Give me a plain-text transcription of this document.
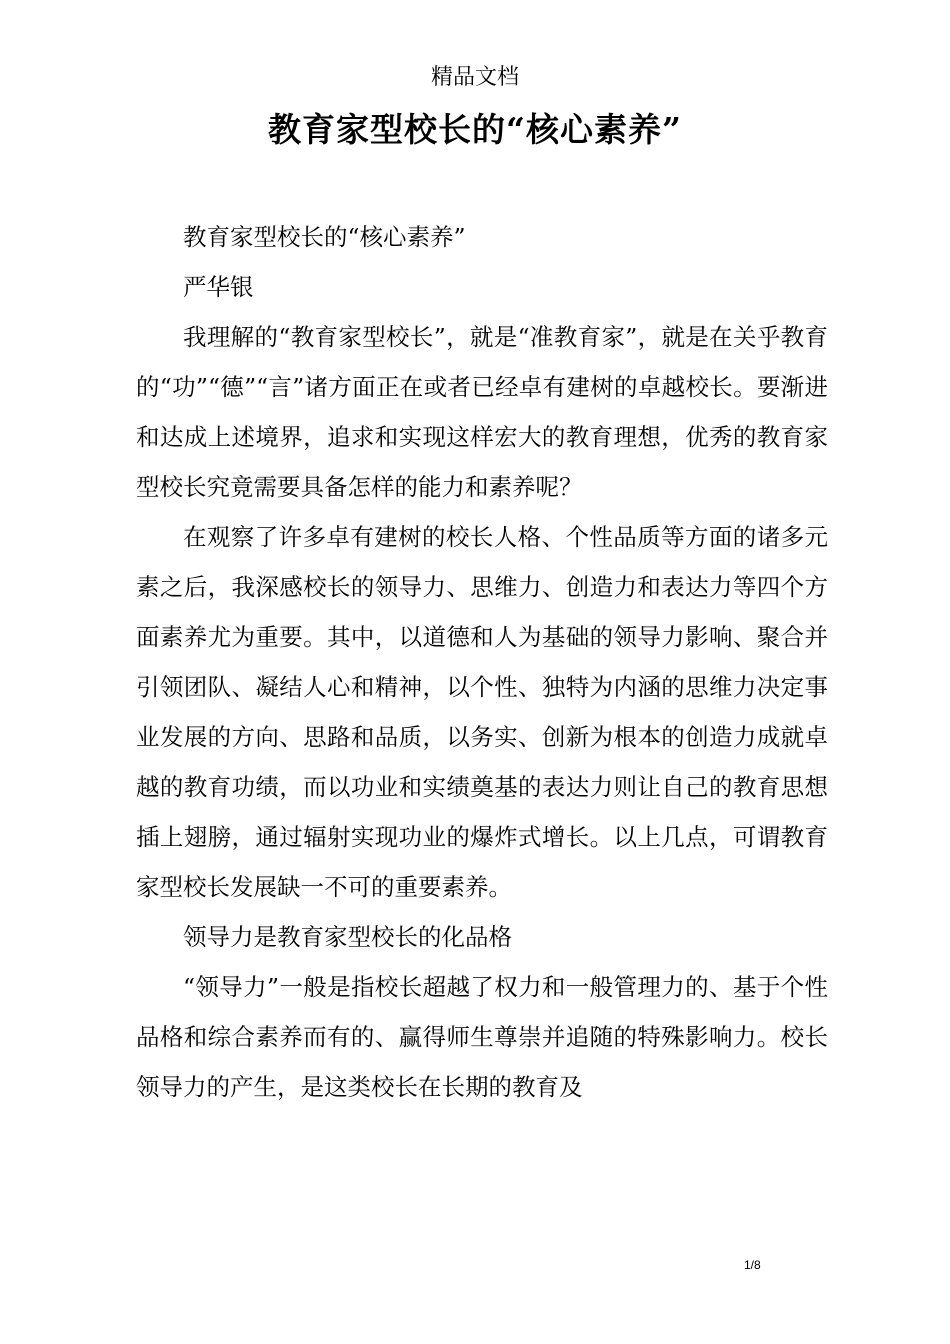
精品文档
教育家型校长的“核心素养”

教育家型校长的“核心素养”

严华银

我理解的“教育家型校长”，就是“准教育家”，就是在关乎教育的“功”“德”“言”诸方面正在或者已经卓有建树的卓越校长。要渐进和达成上述境界，追求和实现这样宏大的教育理想，优秀的教育家型校长究竟需要具备怎样的能力和素养呢？

在观察了许多卓有建树的校长人格、个性品质等方面的诸多元素之后，我深感校长的领导力、思维力、创造力和表达力等四个方面素养尤为重要。其中，以道德和人为基础的领导力影响、聚合并引领团队、凝结人心和精神，以个性、独特为内涵的思维力决定事业发展的方向、思路和品质，以务实、创新为根本的创造力成就卓越的教育功绩，而以功业和实绩奠基的表达力则让自己的教育思想插上翅膀，通过辐射实现功业的爆炸式增长。以上几点，可谓教育家型校长发展缺一不可的重要素养。

领导力是教育家型校长的化品格

“领导力”一般是指校长超越了权力和一般管理力的、基于个性品格和综合素养而有的、赢得师生尊崇并追随的特殊影响力。校长领导力的产生，是这类校长在长期的教育及

1/8
